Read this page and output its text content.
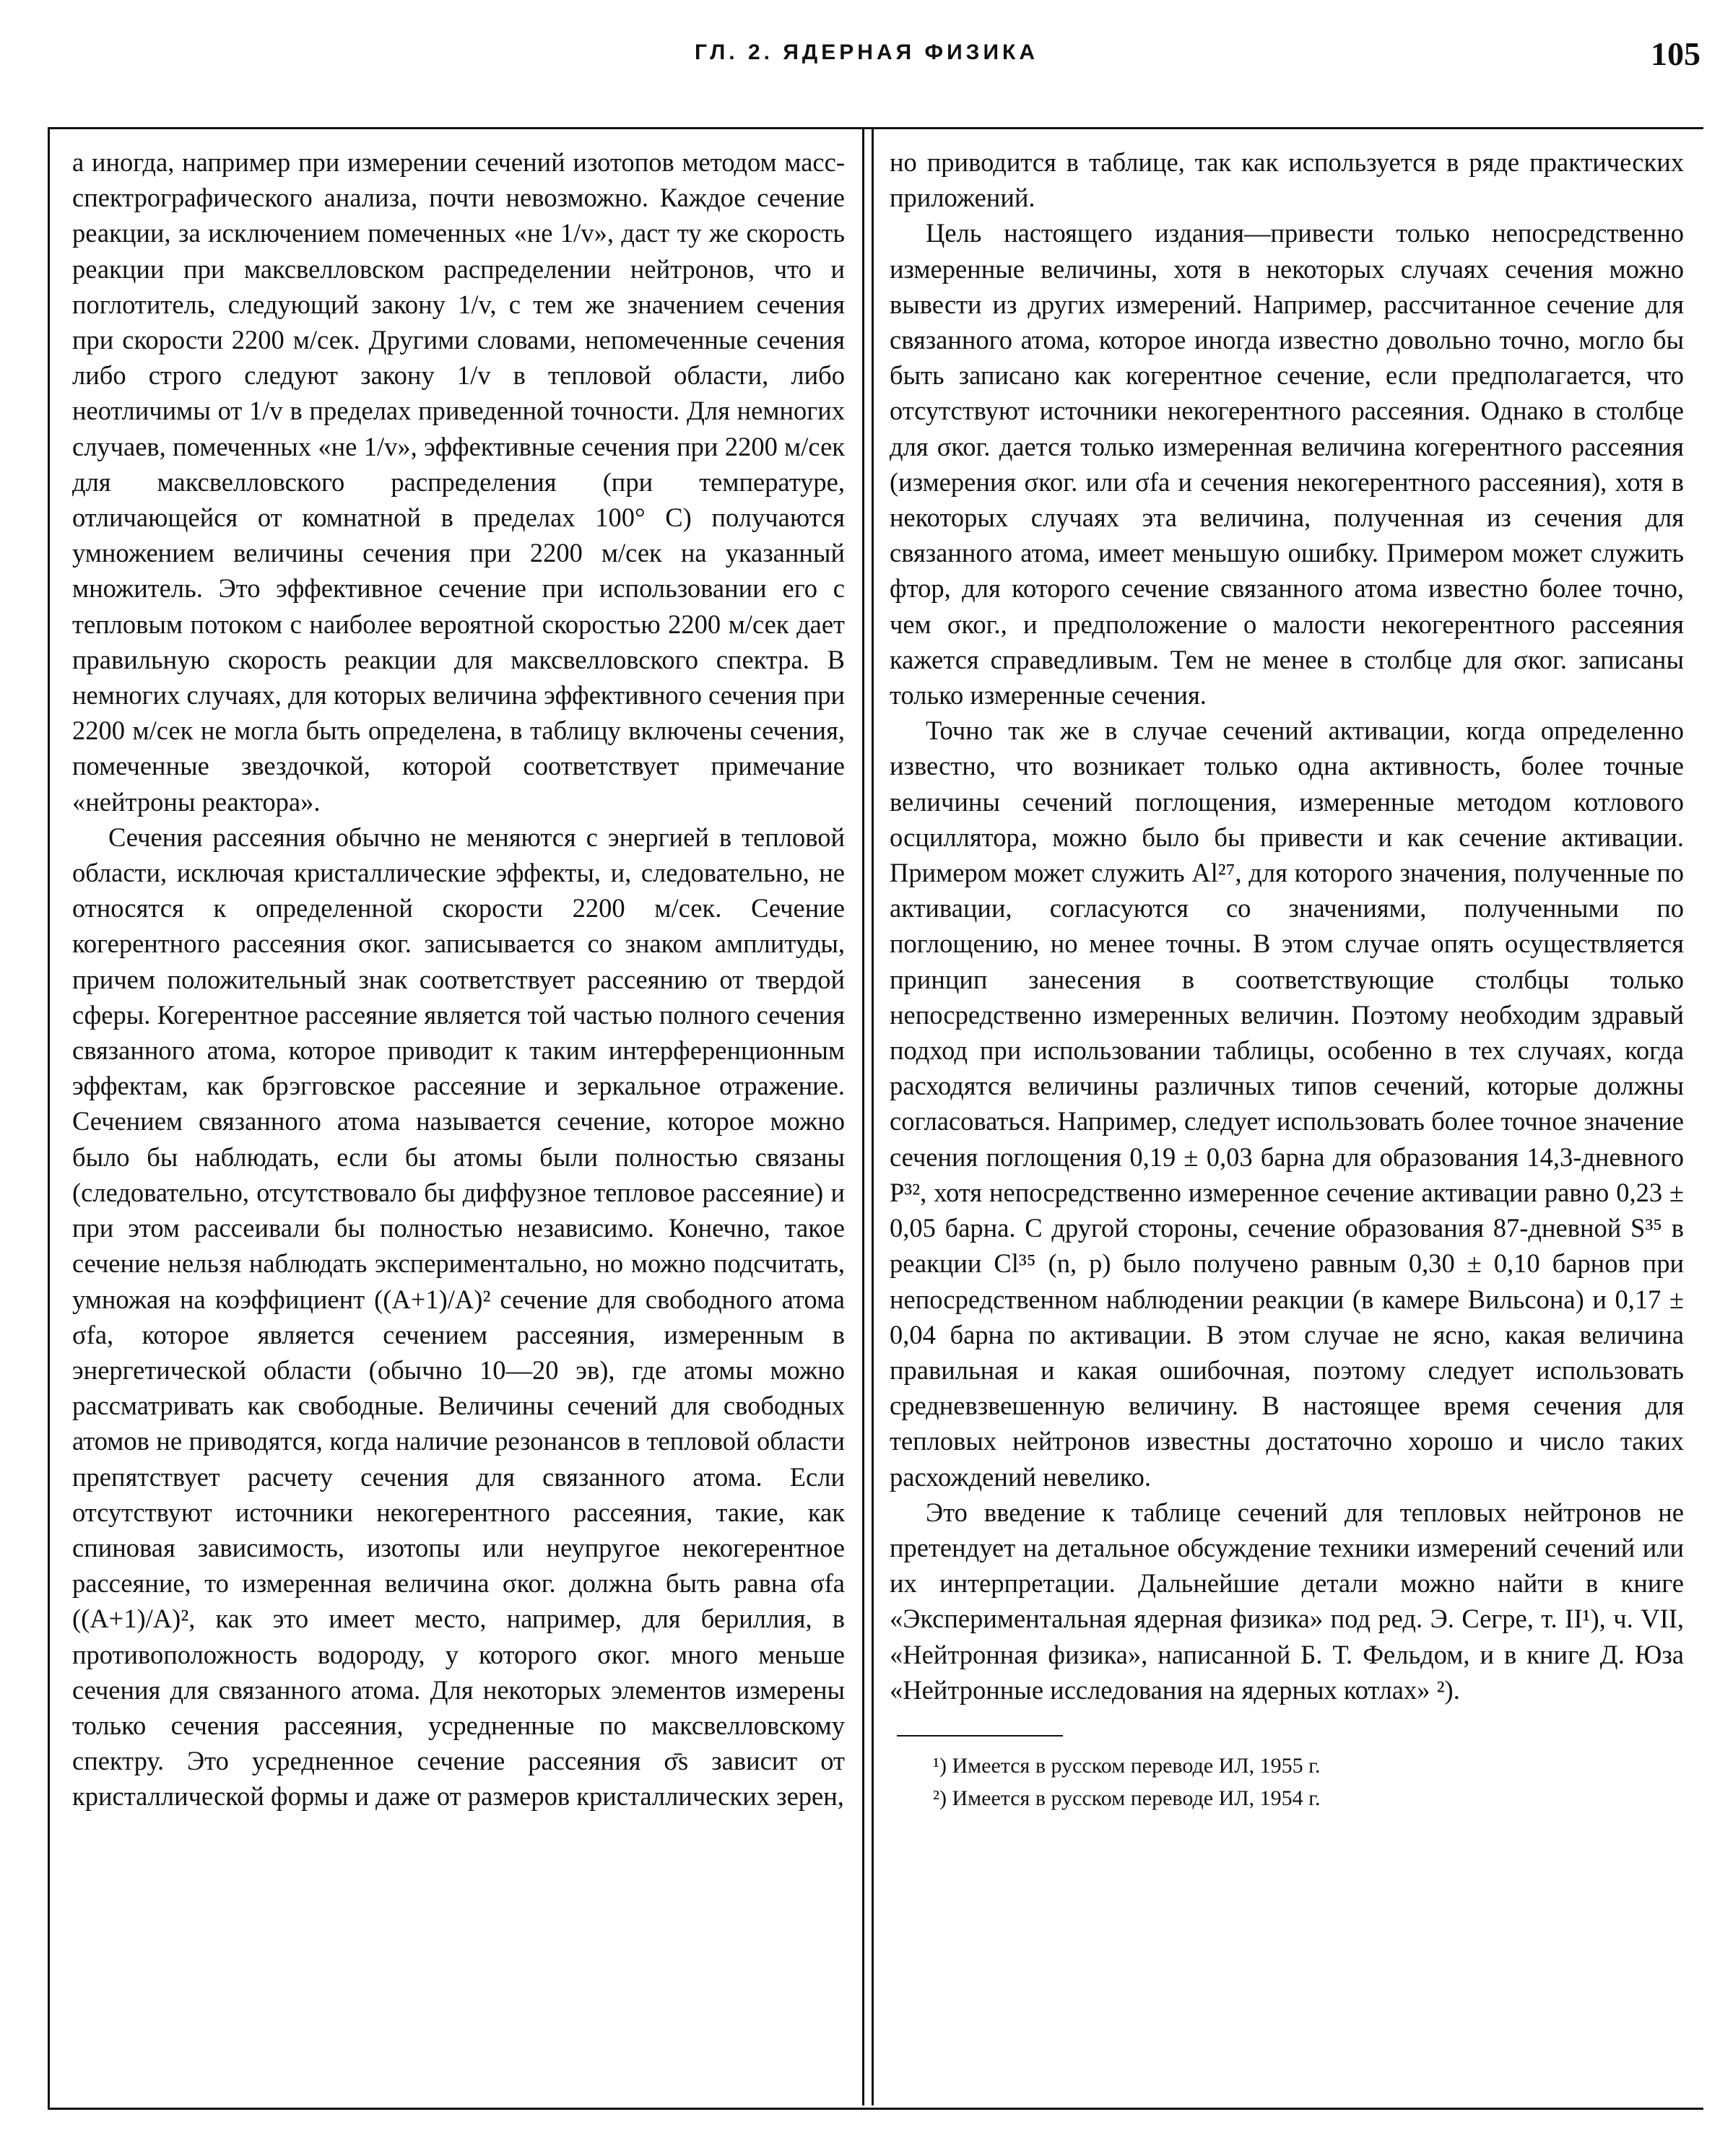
ГЛ. 2. ЯДЕРНАЯ ФИЗИКА	105

а иногда, например при измерении сечений изотопов методом масс-спектрографического анализа, почти невозможно. Каждое сечение реакции, за исключением помеченных «не 1/v», даст ту же скорость реакции при максвелловском распределении нейтронов, что и поглотитель, следующий закону 1/v, с тем же значением сечения при скорости 2200 м/сек. Другими словами, непомеченные сечения либо строго следуют закону 1/v в тепловой области, либо неотличимы от 1/v в пределах приведенной точности. Для немногих случаев, помеченных «не 1/v», эффективные сечения при 2200 м/сек для максвелловского распределения (при температуре, отличающейся от комнатной в пределах 100° С) получаются умножением величины сечения при 2200 м/сек на указанный множитель. Это эффективное сечение при использовании его с тепловым потоком с наиболее вероятной скоростью 2200 м/сек дает правильную скорость реакции для максвелловского спектра. В немногих случаях, для которых величина эффективного сечения при 2200 м/сек не могла быть определена, в таблицу включены сечения, помеченные звездочкой, которой соответствует примечание «нейтроны реактора».

Сечения рассеяния обычно не меняются с энергией в тепловой области, исключая кристаллические эффекты, и, следовательно, не относятся к определенной скорости 2200 м/сек. Сечение когерентного рассеяния σког. записывается со знаком амплитуды, причем положительный знак соответствует рассеянию от твердой сферы. Когерентное рассеяние является той частью полного сечения связанного атома, которое приводит к таким интерференционным эффектам, как брэгговское рассеяние и зеркальное отражение. Сечением связанного атома называется сечение, которое можно было бы наблюдать, если бы атомы были полностью связаны (следовательно, отсутствовало бы диффузное тепловое рассеяние) и при этом рассеивали бы полностью независимо. Конечно, такое сечение нельзя наблюдать экспериментально, но можно подсчитать, умножая на коэффициент ((A+1)/A)² сечение для свободного атома σfa, которое является сечением рассеяния, измеренным в энергетической области (обычно 10—20 эв), где атомы можно рассматривать как свободные. Величины сечений для свободных атомов не приводятся, когда наличие резонансов в тепловой области препятствует расчету сечения для связанного атома. Если отсутствуют источники некогерентного рассеяния, такие, как спиновая зависимость, изотопы или неупругое некогерентное рассеяние, то измеренная величина σког. должна быть равна σfa ((A+1)/A)², как это имеет место, например, для бериллия, в противоположность водороду, у которого σког. много меньше сечения для связанного атома. Для некоторых элементов измерены только сечения рассеяния, усредненные по максвелловскому спектру. Это усредненное сечение рассеяния σ̄s зависит от кристаллической формы и даже от размеров кристаллических зерен,

но приводится в таблице, так как используется в ряде практических приложений.

Цель настоящего издания—привести только непосредственно измеренные величины, хотя в некоторых случаях сечения можно вывести из других измерений. Например, рассчитанное сечение для связанного атома, которое иногда известно довольно точно, могло бы быть записано как когерентное сечение, если предполагается, что отсутствуют источники некогерентного рассеяния. Однако в столбце для σког. дается только измеренная величина когерентного рассеяния (измерения σког. или σfa и сечения некогерентного рассеяния), хотя в некоторых случаях эта величина, полученная из сечения для связанного атома, имеет меньшую ошибку. Примером может служить фтор, для которого сечение связанного атома известно более точно, чем σког., и предположение о малости некогерентного рассеяния кажется справедливым. Тем не менее в столбце для σког. записаны только измеренные сечения.

Точно так же в случае сечений активации, когда определенно известно, что возникает только одна активность, более точные величины сечений поглощения, измеренные методом котлового осциллятора, можно было бы привести и как сечение активации. Примером может служить Al²⁷, для которого значения, полученные по активации, согласуются со значениями, полученными по поглощению, но менее точны. В этом случае опять осуществляется принцип занесения в соответствующие столбцы только непосредственно измеренных величин. Поэтому необходим здравый подход при использовании таблицы, особенно в тех случаях, когда расходятся величины различных типов сечений, которые должны согласоваться. Например, следует использовать более точное значение сечения поглощения 0,19 ± 0,03 барна для образования 14,3-дневного P³², хотя непосредственно измеренное сечение активации равно 0,23 ± 0,05 барна. С другой стороны, сечение образования 87-дневной S³⁵ в реакции Cl³⁵ (n, p) было получено равным 0,30 ± 0,10 барнов при непосредственном наблюдении реакции (в камере Вильсона) и 0,17 ± 0,04 барна по активации. В этом случае не ясно, какая величина правильная и какая ошибочная, поэтому следует использовать средневзвешенную величину. В настоящее время сечения для тепловых нейтронов известны достаточно хорошо и число таких расхождений невелико.

Это введение к таблице сечений для тепловых нейтронов не претендует на детальное обсуждение техники измерений сечений или их интерпретации. Дальнейшие детали можно найти в книге «Экспериментальная ядерная физика» под ред. Э. Сегре, т. II¹), ч. VII, «Нейтронная физика», написанной Б. Т. Фельдом, и в книге Д. Юза «Нейтронные исследования на ядерных котлах» ²).

¹) Имеется в русском переводе ИЛ, 1955 г.
²) Имеется в русском переводе ИЛ, 1954 г.
